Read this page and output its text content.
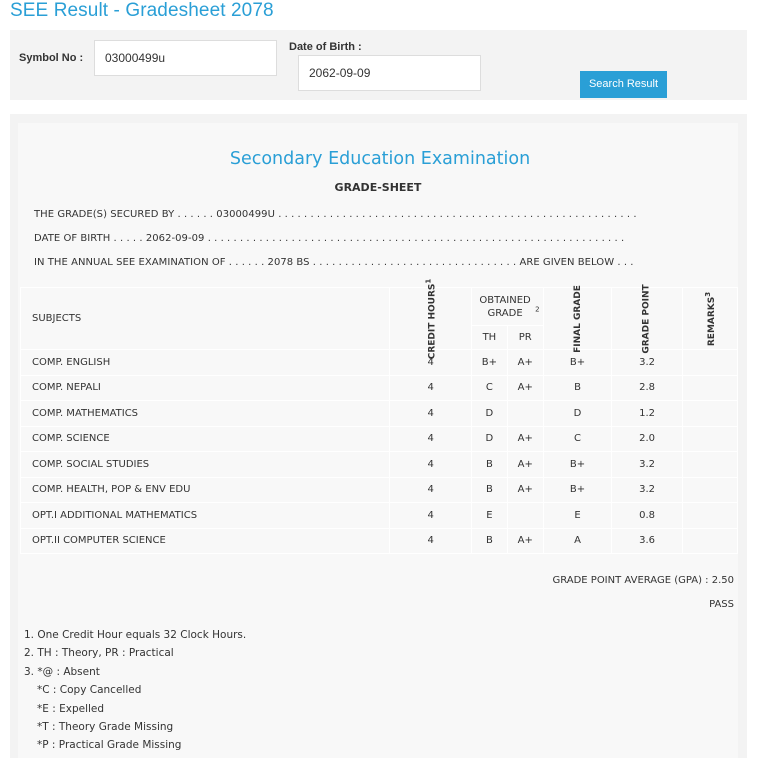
SEE Result - Gradesheet 2078
Symbol No :	03000499u
Date of Birth :
2062-09-09
Search Result
Secondary Education Examination
GRADE-SHEET
THE GRADE(S) SECURED BY . . . . . . 03000499U . . . . . . . . . . . . . . . . . . . . . . . . . . . . . . . . . . . . . . . . . . . . . . . . . . . . . . . .
DATE OF BIRTH . . . . . 2062-09-09 . . . . . . . . . . . . . . . . . . . . . . . . . . . . . . . . . . . . . . . . . . . . . . . . . . . . . . . . . . . . . . . . .
IN THE ANNUAL SEE EXAMINATION OF . . . . . . 2078 BS . . . . . . . . . . . . . . . . . . . . . . . . . . . . . . . . ARE GIVEN BELOW . . .
SUBJECTS	CREDIT HOURS$^1$	OBTAINED GRADE $^2$		FINAL GRADE	GRADE POINT	REMARKS$^3$
		TH	PR			
COMP. ENGLISH	4	B+	A+	B+	3.2	
COMP. NEPALI	4	C	A+	B	2.8	
COMP. MATHEMATICS	4	D		D	1.2	
COMP. SCIENCE	4	D	A+	C	2.0	
COMP. SOCIAL STUDIES	4	B	A+	B+	3.2	
COMP. HEALTH, POP & ENV EDU	4	B	A+	B+	3.2	
OPT.I ADDITIONAL MATHEMATICS	4	E		E	0.8	
OPT.II COMPUTER SCIENCE	4	B	A+	A	3.6	
GRADE POINT AVERAGE (GPA) : 2.50
PASS
1. One Credit Hour equals 32 Clock Hours.
2. TH : Theory, PR : Practical
3. *@ : Absent
*C : Copy Cancelled
*E : Expelled
*T : Theory Grade Missing
*P : Practical Grade Missing
